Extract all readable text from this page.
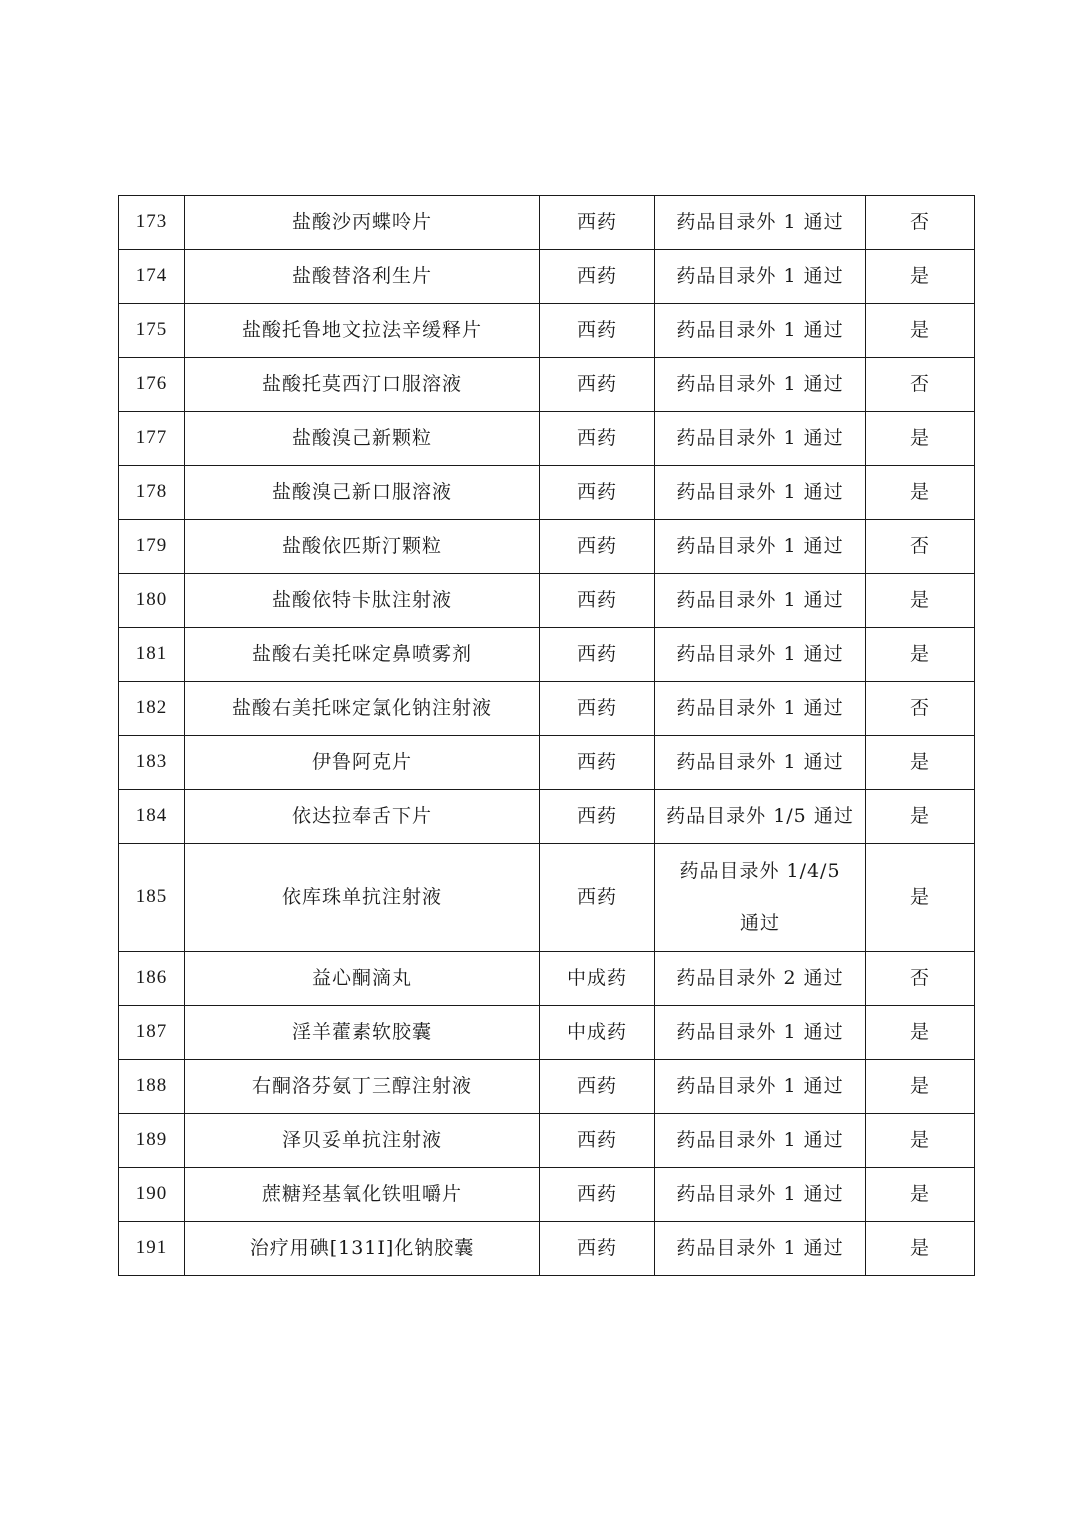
173	盐酸沙丙蝶呤片	西药	药品目录外 1 通过	否
174	盐酸替洛利生片	西药	药品目录外 1 通过	是
175	盐酸托鲁地文拉法辛缓释片	西药	药品目录外 1 通过	是
176	盐酸托莫西汀口服溶液	西药	药品目录外 1 通过	否
177	盐酸溴己新颗粒	西药	药品目录外 1 通过	是
178	盐酸溴己新口服溶液	西药	药品目录外 1 通过	是
179	盐酸依匹斯汀颗粒	西药	药品目录外 1 通过	否
180	盐酸依特卡肽注射液	西药	药品目录外 1 通过	是
181	盐酸右美托咪定鼻喷雾剂	西药	药品目录外 1 通过	是
182	盐酸右美托咪定氯化钠注射液	西药	药品目录外 1 通过	否
183	伊鲁阿克片	西药	药品目录外 1 通过	是
184	依达拉奉舌下片	西药	药品目录外 1/5 通过	是
185	依库珠单抗注射液	西药	药品目录外 1/4/5 通过	是
186	益心酮滴丸	中成药	药品目录外 2 通过	否
187	淫羊藿素软胶囊	中成药	药品目录外 1 通过	是
188	右酮洛芬氨丁三醇注射液	西药	药品目录外 1 通过	是
189	泽贝妥单抗注射液	西药	药品目录外 1 通过	是
190	蔗糖羟基氧化铁咀嚼片	西药	药品目录外 1 通过	是
191	治疗用碘[131I]化钠胶囊	西药	药品目录外 1 通过	是
